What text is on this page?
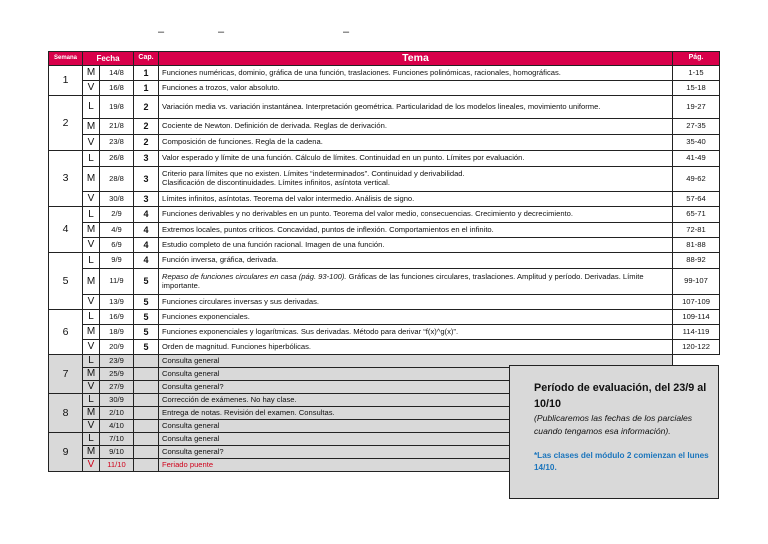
–	–	–
Semana	Fecha		Cap.	Tema	Pág.
1	M	14/8	1	Funciones numéricas, dominio, gráfica de una función, traslaciones. Funciones polinómicas, racionales, homográficas.	1-15
	V	16/8	1	Funciones a trozos, valor absoluto.	15-18
2	L	19/8	2	Variación media vs. variación instantánea. Interpretación geométrica. Particularidad de los modelos lineales, movimiento uniforme.	19-27
	M	21/8	2	Cociente de Newton. Definición de derivada. Reglas de derivación.	27-35
	V	23/8	2	Composición de funciones. Regla de la cadena.	35-40
3	L	26/8	3	Valor esperado y límite de una función. Cálculo de límites. Continuidad en un punto. Límites por evaluación.	41-49
	M	28/8	3	Criterio para límites que no existen. Límites “indeterminados”. Continuidad y derivabilidad.
Clasificación de discontinuidades. Límites infinitos, asíntota vertical.	49-62
	V	30/8	3	Límites infinitos, asíntotas. Teorema del valor intermedio. Análisis de signo.	57-64
4	L	2/9	4	Funciones derivables y no derivables en un punto. Teorema del valor medio, consecuencias. Crecimiento y decrecimiento.	65-71
	M	4/9	4	Extremos locales, puntos críticos. Concavidad, puntos de inflexión. Comportamientos en el infinito.	72-81
	V	6/9	4	Estudio completo de una función racional. Imagen de una función.	81-88
5	L	9/9	4	Función inversa, gráfica, derivada.	88-92
	M	11/9	5	Repaso de funciones circulares en casa (pág. 93-100). Gráficas de las funciones circulares, traslaciones. Amplitud y período. Derivadas. Límite importante.	99-107
	V	13/9	5	Funciones circulares inversas y sus derivadas.	107-109
6	L	16/9	5	Funciones exponenciales.	109-114
	M	18/9	5	Funciones exponenciales y logarítmicas. Sus derivadas. Método para derivar “f(x)^g(x)”.	114-119
	V	20/9	5	Orden de magnitud. Funciones hiperbólicas.	120-122
7	L	23/9		Consulta general
	M	25/9		Consulta general	
	V	27/9		Consulta general?	
8	L	30/9		Corrección de exámenes. No hay clase.	
	M	2/10		Entrega de notas. Revisión del examen. Consultas.	
	V	4/10		Consulta general	
9	L	7/10		Consulta general	
	M	9/10		Consulta general?	
	V	11/10		Feriado puente	
Período de evaluación, del 23/9 al 10/10
(Publicaremos las fechas de los parciales cuando tengamos esa información).
*Las clases del módulo 2 comienzan el lunes 14/10.
